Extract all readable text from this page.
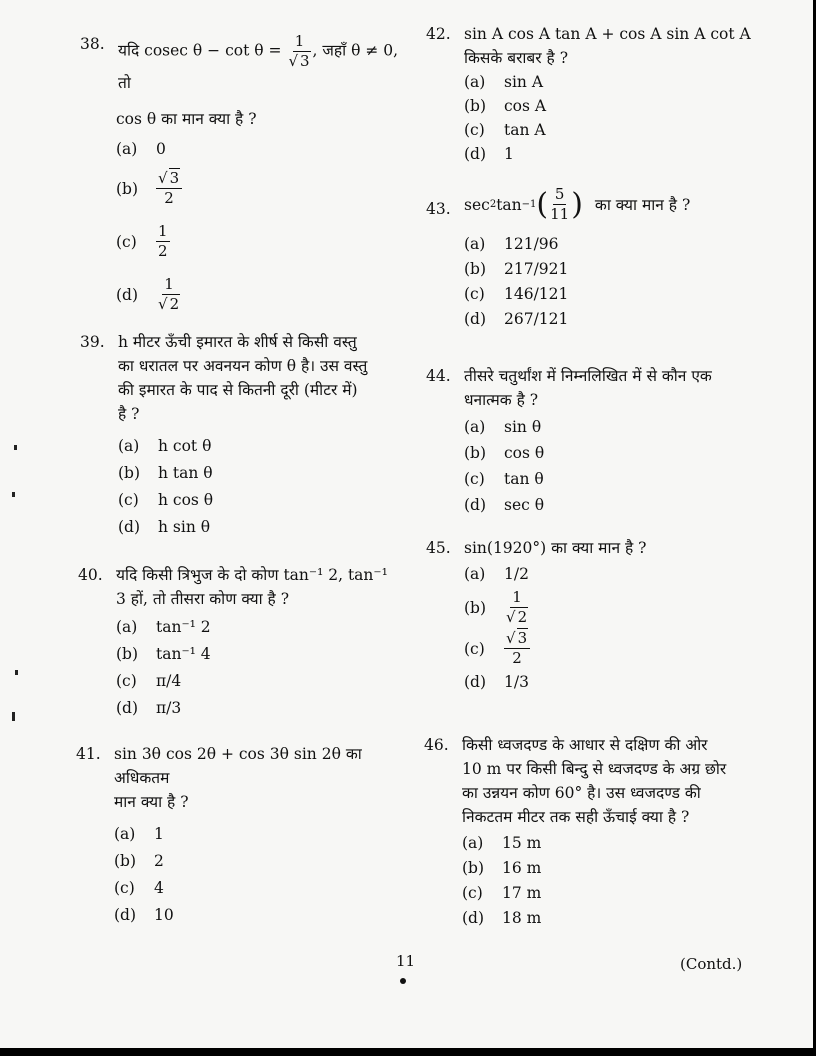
38. यदि cosec $\theta - \cot \theta = \frac{1}{√ 3}$ , जहाँ θ ≠ 0, तो
cos θ का मान क्या है ?
(a)	0
(b)	$\frac{√ 3}{2}$
(c)	$\frac{1}{2}$
(d)	$\frac{1}{√ 2}$
39. h मीटर ऊँची इमारत के शीर्ष से किसी वस्तु
का धरातल पर अवनयन कोण θ है। उस वस्तु
की इमारत के पाद से कितनी दूरी (मीटर में)
है ?
(a)	h cot θ
(b)	h tan θ
(c)	h cos θ
(d)	h sin θ
40. यदि किसी त्रिभुज के दो कोण tan⁻¹ 2, tan⁻¹
3 हों, तो तीसरा कोण क्या है ?
(a)	tan⁻¹ 2
(b)	tan⁻¹ 4
(c)	π/4
(d)	π/3
41. sin 3θ cos 2θ + cos 3θ sin 2θ का अधिकतम
मान क्या है ?
(a)	1
(b)	2
(c)	4
(d)	10
42. sin A cos A tan A + cos A sin A cot A
किसके बराबर है ?
(a)	sin A
(b)	cos A
(c)	tan A
(d)	1
43. sec 2 tan −1 ( $\frac{5}{11}$ ) का क्या मान है ?
(a)	121/96
(b)	217/921
(c)	146/121
(d)	267/121
44. तीसरे चतुर्थांश में निम्नलिखित में से कौन एक
धनात्मक है ?
(a)	sin θ
(b)	cos θ
(c)	tan θ
(d)	sec θ
45. sin(1920°) का क्या मान है ?
(a)	1/2
(b)	$\frac{1}{√ 2}$
(c)	$\frac{√ 3}{2}$
(d)	1/3
46. किसी ध्वजदण्ड के आधार से दक्षिण की ओर
10 m पर किसी बिन्दु से ध्वजदण्ड के अग्र छोर
का उन्नयन कोण 60° है। उस ध्वजदण्ड की
निकटतम मीटर तक सही ऊँचाई क्या है ?
(a)	15 m
(b)	16 m
(c)	17 m
(d)	18 m
11	(Contd.)
